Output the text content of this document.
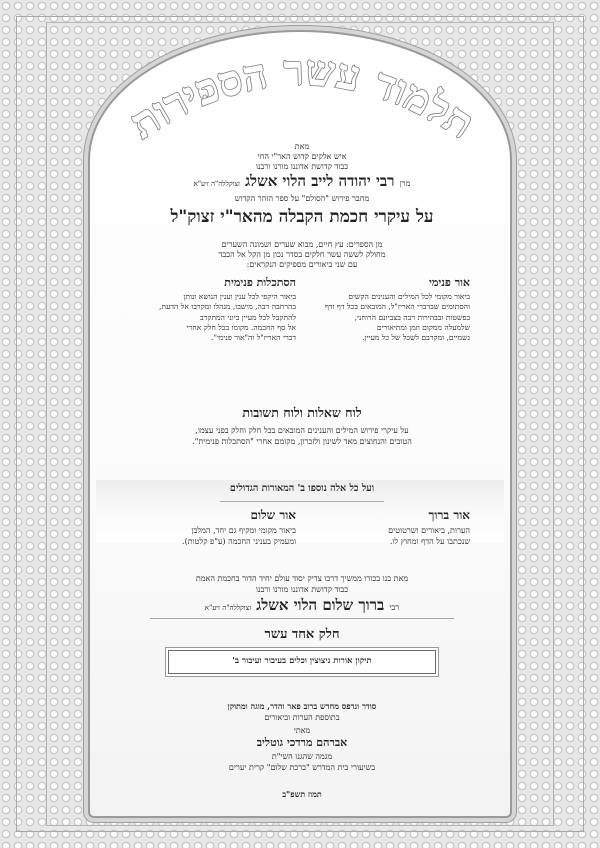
תלמוד עשר הספירות
מאת
איש אלקים קדוש האר"י החי
כבוד קדושת אדוננו מורנו ורבנו
מרן רבי יהודה לייב הלוי אשלג זצוקללה"ה זיע"א
מחבר פירוש "הסולם" על ספר הזהר הקדוש
על עיקרי חכמת הקבלה מהאר"י זצוק"ל
מן הספרים: עץ חיים, מבוא שערים ושמונה השערים
מחולק לששה עשר חלקים בסדר נכון מן הקל אל הכבד
עם שני ביאורים מספיקים הנקראים:
אור פנימי
ביאור מקומי לכל המילים והענינים הקשים
והסתומים שבדברי האריז"ל, המובאים בכל דף ודף
בפשטות ובבהירות רבה בצביונם הרוחני,
שלמעלה ממקום וזמן ומתיאורים
גשמיים, ומקרבם לשכל של כל מעיין.
הסתכלות פנימית
ביאור היקפי לכל ענין וענין הנושא ונותן
בהרחבה רבה, מישבו, מנהלו ומקרבו אל הדעת,
להתקבל לכל מעיין ביוני המתקרב
אל סף החכמה. מקומו בכל חלק אחרי
דברי האריז"ל וה"אור פנימי".
לוח שאלות ולוח תשובות
על עיקרי פירוש המילים והענינים המובאים בכל חלק וחלק בפני עצמו,
הטובים והנחוצים מאד לשינון ולזכרון, מקומם אחרי "הסתכלות פנימית".
ועל כל אלה נוספו ב' המאורות הגדולים
אור ברוך
הערות, ביאורים ושרטוטים
שנכתבו על הדף ומחוץ לו.
אור שלום
ביאור מקומי ומקיף גם יחד, המלבן
ומעמיק בעניני החכמה (ע"פ קלטות).
מאת בנו בכורו ממשיך דרכו צדיק יסוד עולם יחיד הדור בחכמת האמת
כבוד קדושת אדוננו מורנו ורבנו
רבי ברוך שלום הלוי אשלג זצוקללה"ה זיע"א
חלק אחד עשר
תיקון אורות ניצוצין וכלים בעיבור ועיבור ב'
סודר ונדפס מחדש ברוב פאר והדר, מוגה ומתוקן
בתוספת הערות וביאורים
מאתי
אברהם מרדכי גוטליב
מגמה שהגנו השי"ת
בשיעורי בית המדרש "ברכת שלום" קרית יערים
תמוז תשפ"ב
